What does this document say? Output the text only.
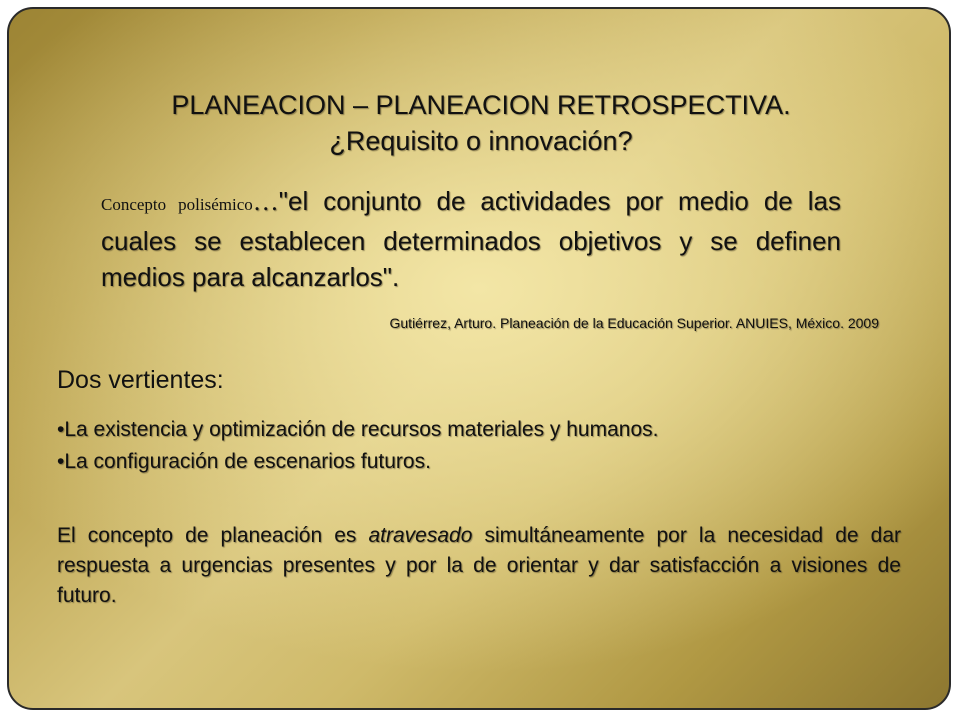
PLANEACION – PLANEACION RETROSPECTIVA.
¿Requisito o innovación?
Concepto polisémico…"el conjunto de actividades por medio de las cuales se establecen determinados objetivos y se definen medios para alcanzarlos".
Gutiérrez, Arturo. Planeación de la Educación Superior. ANUIES, México. 2009
Dos vertientes:
•La existencia y optimización de recursos materiales y humanos.
•La configuración de escenarios futuros.
El concepto de planeación es atravesado simultáneamente por la necesidad de dar respuesta a urgencias presentes y por la de orientar y dar satisfacción a visiones de futuro.
